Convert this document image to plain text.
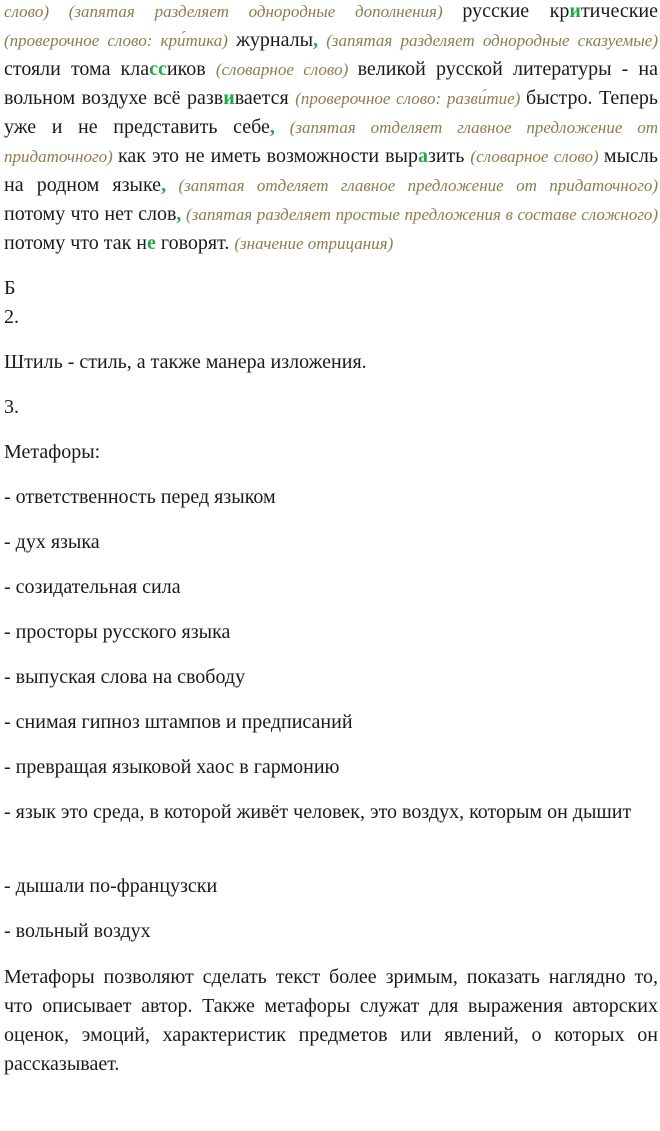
слово) (запятая разделяет однородные дополнения) русские критические (проверочное слово: кри́тика) журналы, (запятая разделяет однородные сказуемые) стояли тома классиков (словарное слово) великой русской литературы - на вольном воздухе всё развивается (проверочное слово: разви́тие) быстро. Теперь уже и не представить себе, (запятая отделяет главное предложение от придаточного) как это не иметь возможности выразить (словарное слово) мысль на родном языке, (запятая отделяет главное предложение от придаточного) потому что нет слов, (запятая разделяет простые предложения в составе сложного) потому что так не говорят. (значение отрицания)

Б

2.

Штиль - стиль, а также манера изложения.

3.

Метафоры:

- ответственность перед языком

- дух языка

- созидательная сила

- просторы русского языка

- выпуская слова на свободу

- снимая гипноз штампов и предписаний

- превращая языковой хаос в гармонию

- язык это среда, в которой живёт человек, это воздух, которым он дышит

- дышали по-французски

- вольный воздух

Метафоры позволяют сделать текст более зримым, показать наглядно то, что описывает автор. Также метафоры служат для выражения авторских оценок, эмоций, характеристик предметов или явлений, о которых он рассказывает.
